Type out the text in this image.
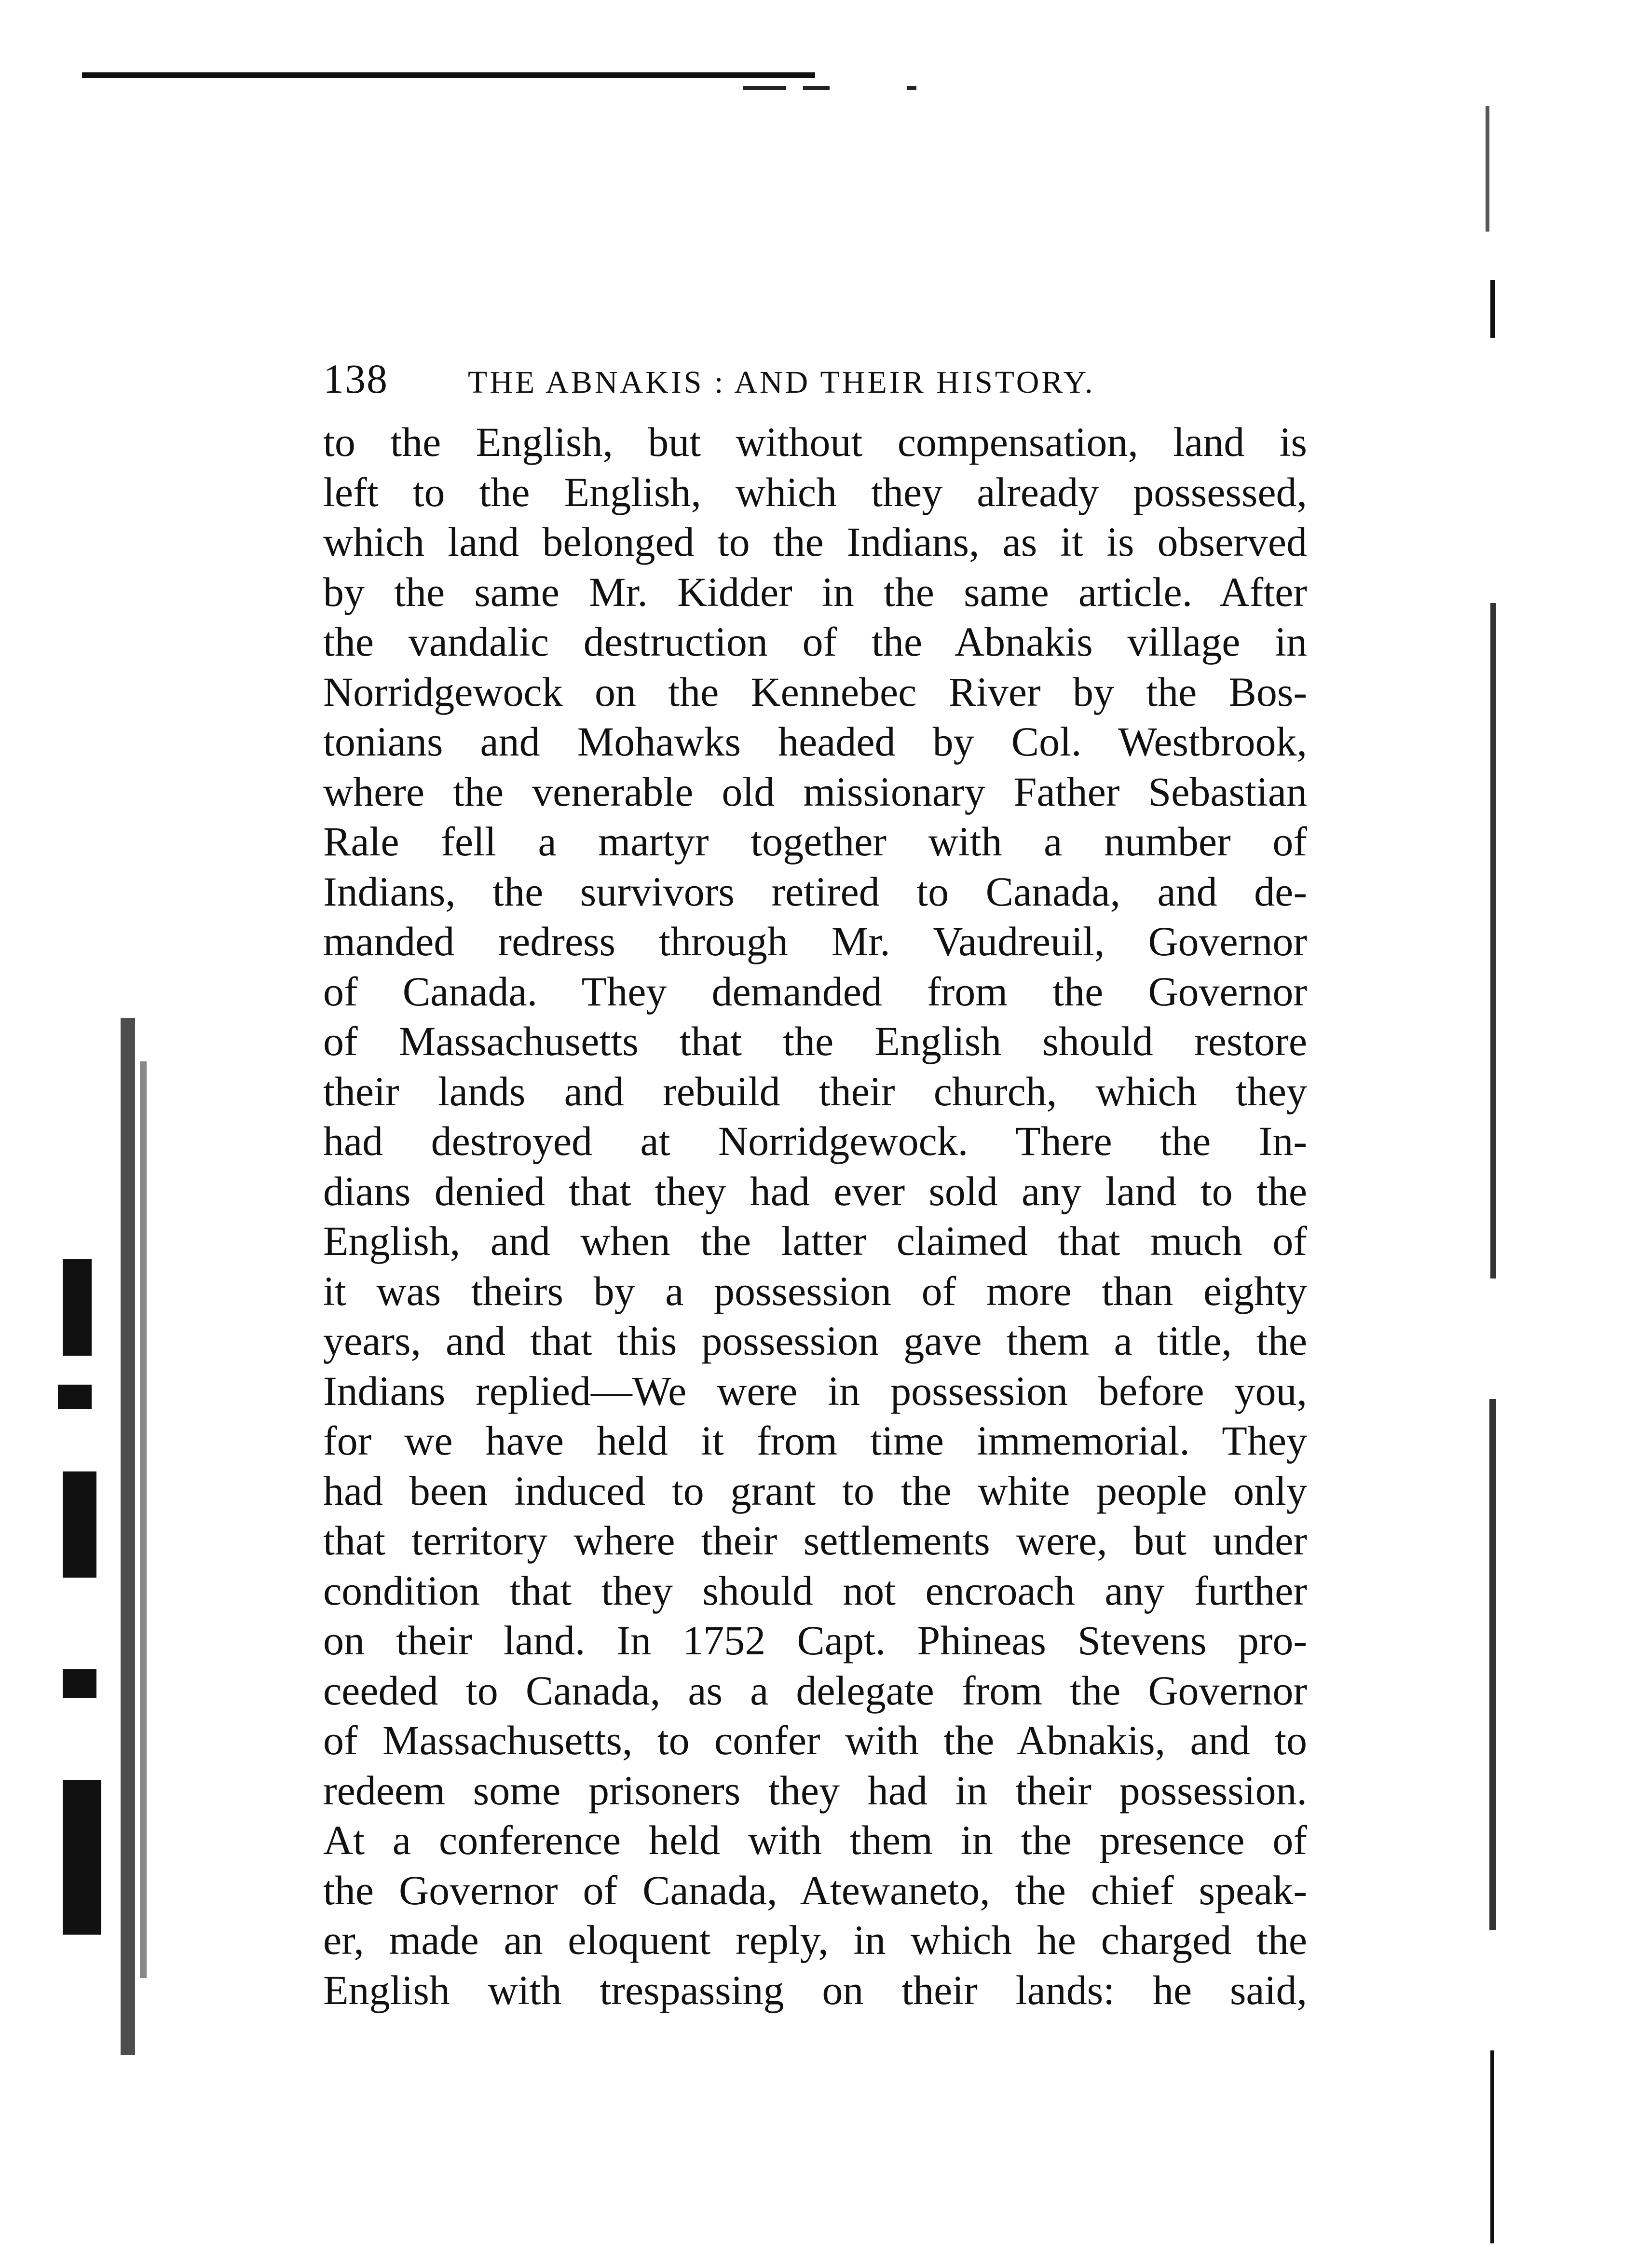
138	THE ABNAKIS : AND THEIR HISTORY.

to the English, but without compensation, land is
left to the English, which they already possessed,
which land belonged to the Indians, as it is observed
by the same Mr. Kidder in the same article. After
the vandalic destruction of the Abnakis village in
Norridgewock on the Kennebec River by the Bos-
tonians and Mohawks headed by Col. Westbrook,
where the venerable old missionary Father Sebastian
Rale fell a martyr together with a number of
Indians, the survivors retired to Canada, and de-
manded redress through Mr. Vaudreuil, Governor
of Canada. They demanded from the Governor
of Massachusetts that the English should restore
their lands and rebuild their church, which they
had destroyed at Norridgewock. There the In-
dians denied that they had ever sold any land to the
English, and when the latter claimed that much of
it was theirs by a possession of more than eighty
years, and that this possession gave them a title, the
Indians replied—We were in possession before you,
for we have held it from time immemorial. They
had been induced to grant to the white people only
that territory where their settlements were, but under
condition that they should not encroach any further
on their land. In 1752 Capt. Phineas Stevens pro-
ceeded to Canada, as a delegate from the Governor
of Massachusetts, to confer with the Abnakis, and to
redeem some prisoners they had in their possession.
At a conference held with them in the presence of
the Governor of Canada, Atewaneto, the chief speak-
er, made an eloquent reply, in which he charged the
English with trespassing on their lands: he said,
